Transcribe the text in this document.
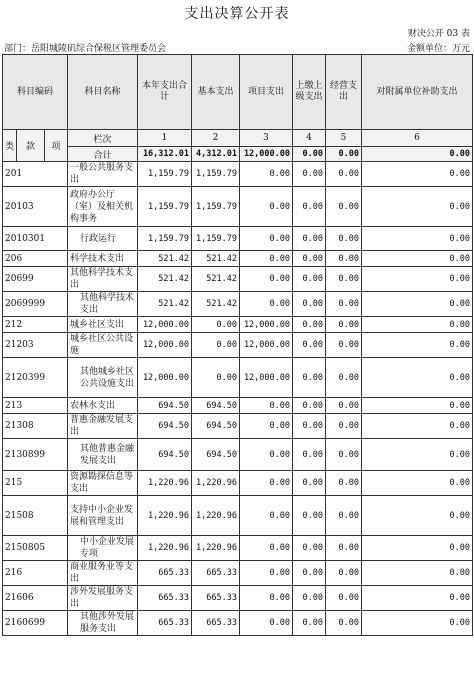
支出决算公开表
财决公开 03 表
部门：岳阳城陵矶综合保税区管理委员会	金额单位：万元
科目编码			科目名称	本年支出合计	基本支出	项目支出	上缴上级支出	经营支出	对附属单位补助支出
类	款	项	栏次	1	2	3	4	5	6
			合计	16,312.01	4,312.01	12,000.00	0.00	0.00	0.00
201			一般公共服务支出	1,159.79	1,159.79	0.00	0.00	0.00	0.00
20103			政府办公厅（室）及相关机构事务	1,159.79	1,159.79	0.00	0.00	0.00	0.00
2010301			行政运行	1,159.79	1,159.79	0.00	0.00	0.00	0.00
206			科学技术支出	521.42	521.42	0.00	0.00	0.00	0.00
20699			其他科学技术支出	521.42	521.42	0.00	0.00	0.00	0.00
2069999			其他科学技术支出	521.42	521.42	0.00	0.00	0.00	0.00
212			城乡社区支出	12,000.00	0.00	12,000.00	0.00	0.00	0.00
21203			城乡社区公共设施	12,000.00	0.00	12,000.00	0.00	0.00	0.00
2120399			其他城乡社区公共设施支出	12,000.00	0.00	12,000.00	0.00	0.00	0.00
213			农林水支出	694.50	694.50	0.00	0.00	0.00	0.00
21308			普惠金融发展支出	694.50	694.50	0.00	0.00	0.00	0.00
2130899			其他普惠金融发展支出	694.50	694.50	0.00	0.00	0.00	0.00
215			资源勘探信息等支出	1,220.96	1,220.96	0.00	0.00	0.00	0.00
21508			支持中小企业发展和管理支出	1,220.96	1,220.96	0.00	0.00	0.00	0.00
2150805			中小企业发展专项	1,220.96	1,220.96	0.00	0.00	0.00	0.00
216			商业服务业等支出	665.33	665.33	0.00	0.00	0.00	0.00
21606			涉外发展服务支出	665.33	665.33	0.00	0.00	0.00	0.00
2160699			其他涉外发展服务支出	665.33	665.33	0.00	0.00	0.00	0.00
